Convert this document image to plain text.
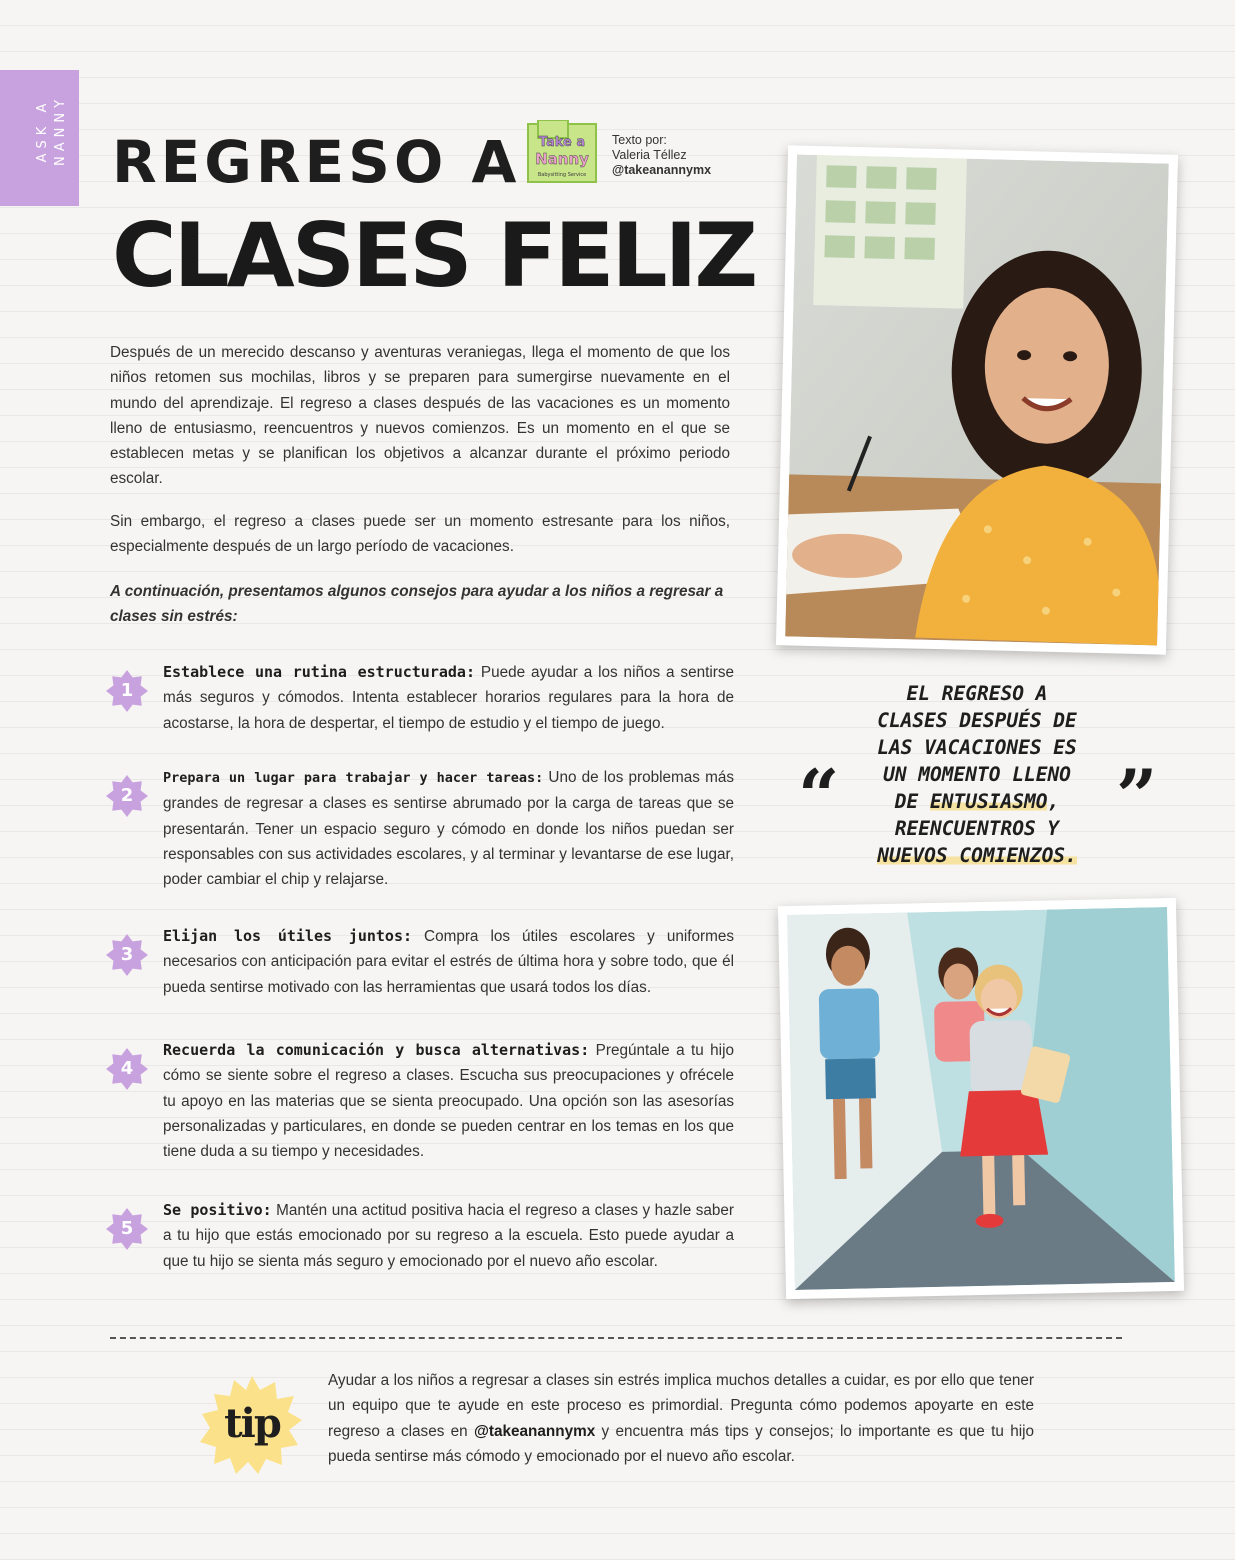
ASK A NANNY REGRESO A
CLASES FELIZ
Take a
Nanny
Babysitting Service
Texto por:
Valeria Téllez
@takeanannymx

Después de un merecido descanso y aventuras veraniegas, llega el momento de que los niños retomen sus mochilas, libros y se preparen para sumergirse nuevamente en el mundo del aprendizaje. El regreso a clases después de las vacaciones es un momento lleno de entusiasmo, reencuentros y nuevos comienzos. Es un momento en el que se establecen metas y se planifican los objetivos a alcanzar durante el próximo periodo escolar.

Sin embargo, el regreso a clases puede ser un momento estresante para los niños, especialmente después de un largo período de vacaciones.

A continuación, presentamos algunos consejos para ayudar a los niños a regresar a clases sin estrés:

1
Establece una rutina estructurada: Puede ayudar a los niños a sentirse más seguros y cómodos. Intenta establecer horarios regulares para la hora de acostarse, la hora de despertar, el tiempo de estudio y el tiempo de juego.
2
Prepara un lugar para trabajar y hacer tareas: Uno de los problemas más grandes de regresar a clases es sentirse abrumado por la carga de tareas que se presentarán. Tener un espacio seguro y cómodo en donde los niños puedan ser responsables con sus actividades escolares, y al terminar y levantarse de ese lugar, poder cambiar el chip y relajarse.
3
Elijan los útiles juntos: Compra los útiles escolares y uniformes necesarios con anticipación para evitar el estrés de última hora y sobre todo, que él pueda sentirse motivado con las herramientas que usará todos los días.
4
Recuerda la comunicación y busca alternativas: Pregúntale a tu hijo cómo se siente sobre el regreso a clases. Escucha sus preocupaciones y ofrécele tu apoyo en las materias que se sienta preocupado. Una opción son las asesorías personalizadas y particulares, en donde se pueden centrar en los temas en los que tiene duda a su tiempo y necesidades.
5
Se positivo: Mantén una actitud positiva hacia el regreso a clases y hazle saber a tu hijo que estás emocionado por su regreso a la escuela. Esto puede ayudar a que tu hijo se sienta más seguro y emocionado por el nuevo año escolar.
“	”
EL REGRESO A
CLASES DESPUÉS DE
LAS VACACIONES ES
UN MOMENTO LLENO
DE ENTUSIASMO,
REENCUENTROS Y
NUEVOS COMIENZOS.
tip

Ayudar a los niños a regresar a clases sin estrés implica muchos detalles a cuidar, es por ello que tener un equipo que te ayude en este proceso es primordial. Pregunta cómo podemos apoyarte en este regreso a clases en @takeanannymx y encuentra más tips y consejos; lo importante es que tu hijo pueda sentirse más cómodo y emocionado por el nuevo año escolar.
